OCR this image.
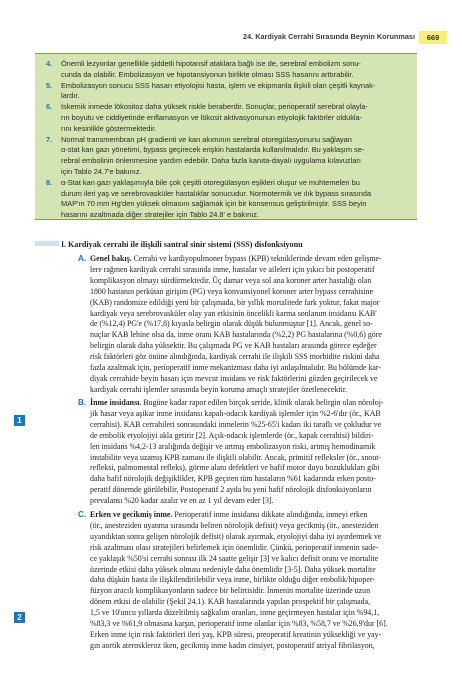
24. Kardiyak Cerrahi Sırasında Beynin Korunması	669
4. Önemli lezyonlar genellikle şiddetli hipotansif ataklara bağlı ise de, serebral embolizm sonu-
cunda da olabilir. Embolizasyon ve hipotansiyonun birlikte olması SSS hasarını arttırabilir.
5. Embolizasyon sonucu SSS hasarı etiyolojisi hasta, işlem ve ekipmanla ilişkili olan çeşitli kaynak-
lardır.
6. İskemik inmede lökositoz daha yüksek riskle beraberdir. Sonuçlar, perioperatif serebral olayla-
rın boyutu ve ciddiyetinde enflamasyon ve lökosit aktivasyonunun etiyolojik faktörler oldukla-
rını kesinlikle göstermektedir.
7. Normal transmembran pH gradienti ve kan akımının serebral otoregülasyonunu sağlayan
α-stat kan gazı yönetimi, bypass geçirecek erişkin hastalarda kullanılmalıdır. Bu yaklaşım se-
rebral embolinin önlenmesine yardım edebilir. Daha fazla kanıta-dayalı uygulama kılavuzları
için Tablo 24.7'e bakınız.
8. α-Stat kan gazı yaklaşımıyla bile çok çeşitli otoregülasyon eşikleri oluşur ve muhtemelen bu
durum ileri yaş ve serebrovasküler hastalıklar sonucudur. Normotermik ve ılık bypass sırasında
MAP'ın 70 mm Hg'den yüksek olmasını sağlamak için bir konsensus geliştirilmiştir. SSS beyin
hasarını azaltmada diğer stratejiler için Tablo 24.8' e bakınız.
I. Kardiyak cerrahi ile ilişkili santral sinir sistemi (SSS) disfonksiyonu
A. Genel bakış. Cerrahi ve kardiyopulmoner bypass (KPB) tekniklerinde devam eden gelişme-
lere rağmen kardiyak cerrahi sırasında inme, hastalar ve aileleri için yıkıcı bir postoperatif
komplikasyon olmayı sürdürmektedir. Üç damar veya sol ana koroner arter hastalığı olan
1800 hastanın perkütan girişim (PG) veya konvansiyonel koroner arter bypass cerrahisine
(KAB) randomize edildiği yeni bir çalışmada, bir yıllık mortalitede fark yoktur, fakat major
kardiyak veya serebrovasküler olay yan etkisinin öncelikli karma sonlanım insidansı KAB'
de (%12,4) PG'e (%17,8) kıyasla belirgin olarak düşük bulunmuştur [1]. Ancak, genel so-
nuçlar KAB lehine olsa da, inme oranı KAB hastalarında (%2,2) PG hastalarına (%0,6) göre
belirgin olarak daha yüksektir. Bu çalışmada PG ve KAB hastaları arasında görece eşdeğer
risk faktörleri göz önüne alındığında, kardiyak cerrahi ile ilişkili SSS morbidite riskini daha
fazla azaltmak için, perioperatif inme mekanizması daha iyi anlaşılmalıdır. Bu bölümde kar-
diyak cerrahide beyin hasarı için mevcut insidans ve risk faktörlerini gözden geçirilecek ve
kardiyak cerrahi işlemler sırasında beyin koruma amaçlı stratejiler özetlenecektir.
B. İnme insidansı. Bugüne kadar rapor edilen birçok seride, klinik olarak belirgin olan nöroloj-
jik hasar veya aşikar inme insidansı kapalı-odacık kardiyak işlemler için %2-6'dır (ör., KAB
cerrahisi). KAB cerrahileri sonrasındaki inmelerin %25-65'i kadarı iki taraflı ve çokludur ve
de embolik etyolojiyi akla getirir [2]. Açık-odacık işlemlerde (ör., kapak cerrahisi) bildiri-
len insidans %4,2-13 aralığında değişir ve artmış embolizasyon riski, artmış hemodinamik
instabilite veya uzamış KPB zamanı ile ilişkili olabilir. Ancak, primitif refleksler (ör., snout-
refleksi, palmomental refleks), görme alanı defektleri ve hafif motor duyu bozuklukları gibi
daha hafif nörolojik değişiklikler, KPB geçiren tüm hastaların %61 kadarında erken posto-
peratif dönemde görülebilir. Postoperatif 2 ayda bu yeni hafif nörolojik disfonksiyonların
prevalansı %20 kadar azalır ve en az 1 yıl devam eder [3].
C. Erken ve gecikmiş inme. Perioperatif inme insidansı dikkate alındığında, inmeyi erken
(ör., anesteziden uyanma sırasında beliren nörolojik defisit) veya gecikmiş (ör., anesteziden
uyandıktan sonra gelişen nörolojik defisit) olarak ayırmak, etyolojiyi daha iyi ayırdetmek ve
risk azaltması olası stratejileri belirlemek için önemlidir. Çünkü, perioperatif inmenin sade-
ce yaklaşık %50'si cerrahi sonrası ilk 24 saatte gelişir [3] ve kalıcı defisit oranı ve mortalite
üzerinde etkisi daha yüksek olması nedeniyle daha önemlidir [3-5]. Daha yüksek mortalite
daha düşkün hasta ile ilişkilendirilebilir veya inme, birlikte olduğu diğer embolik/hipoper-
füzyon aracılı komplikasyonların sadece bir belirtisidir. İnmenin mortalite üzerinde uzun
dönem etkisi de olabilir (Şekil 24.1). KAB hastalarında yapılan prospektif bir çalışmada,
1,5 ve 10'uncu yıllarda düzeltilmiş sağkalım oranları, inme geçirmeyen hastalar için %94,1,
%83,3 ve %61,9 olmasına karşın, perioperatif inme olanlar için %83, %58,7 ve %26,9'dur [6].
Erken inme için risk faktörleri ileri yaş, KPB süresi, preoperatif kreatinin yüksekliği ve yay-
gın aortik ateroskleroz iken, gecikmiş inme kadın cinsiyet, postoperatif atriyal fibrilasyon,
1
2
